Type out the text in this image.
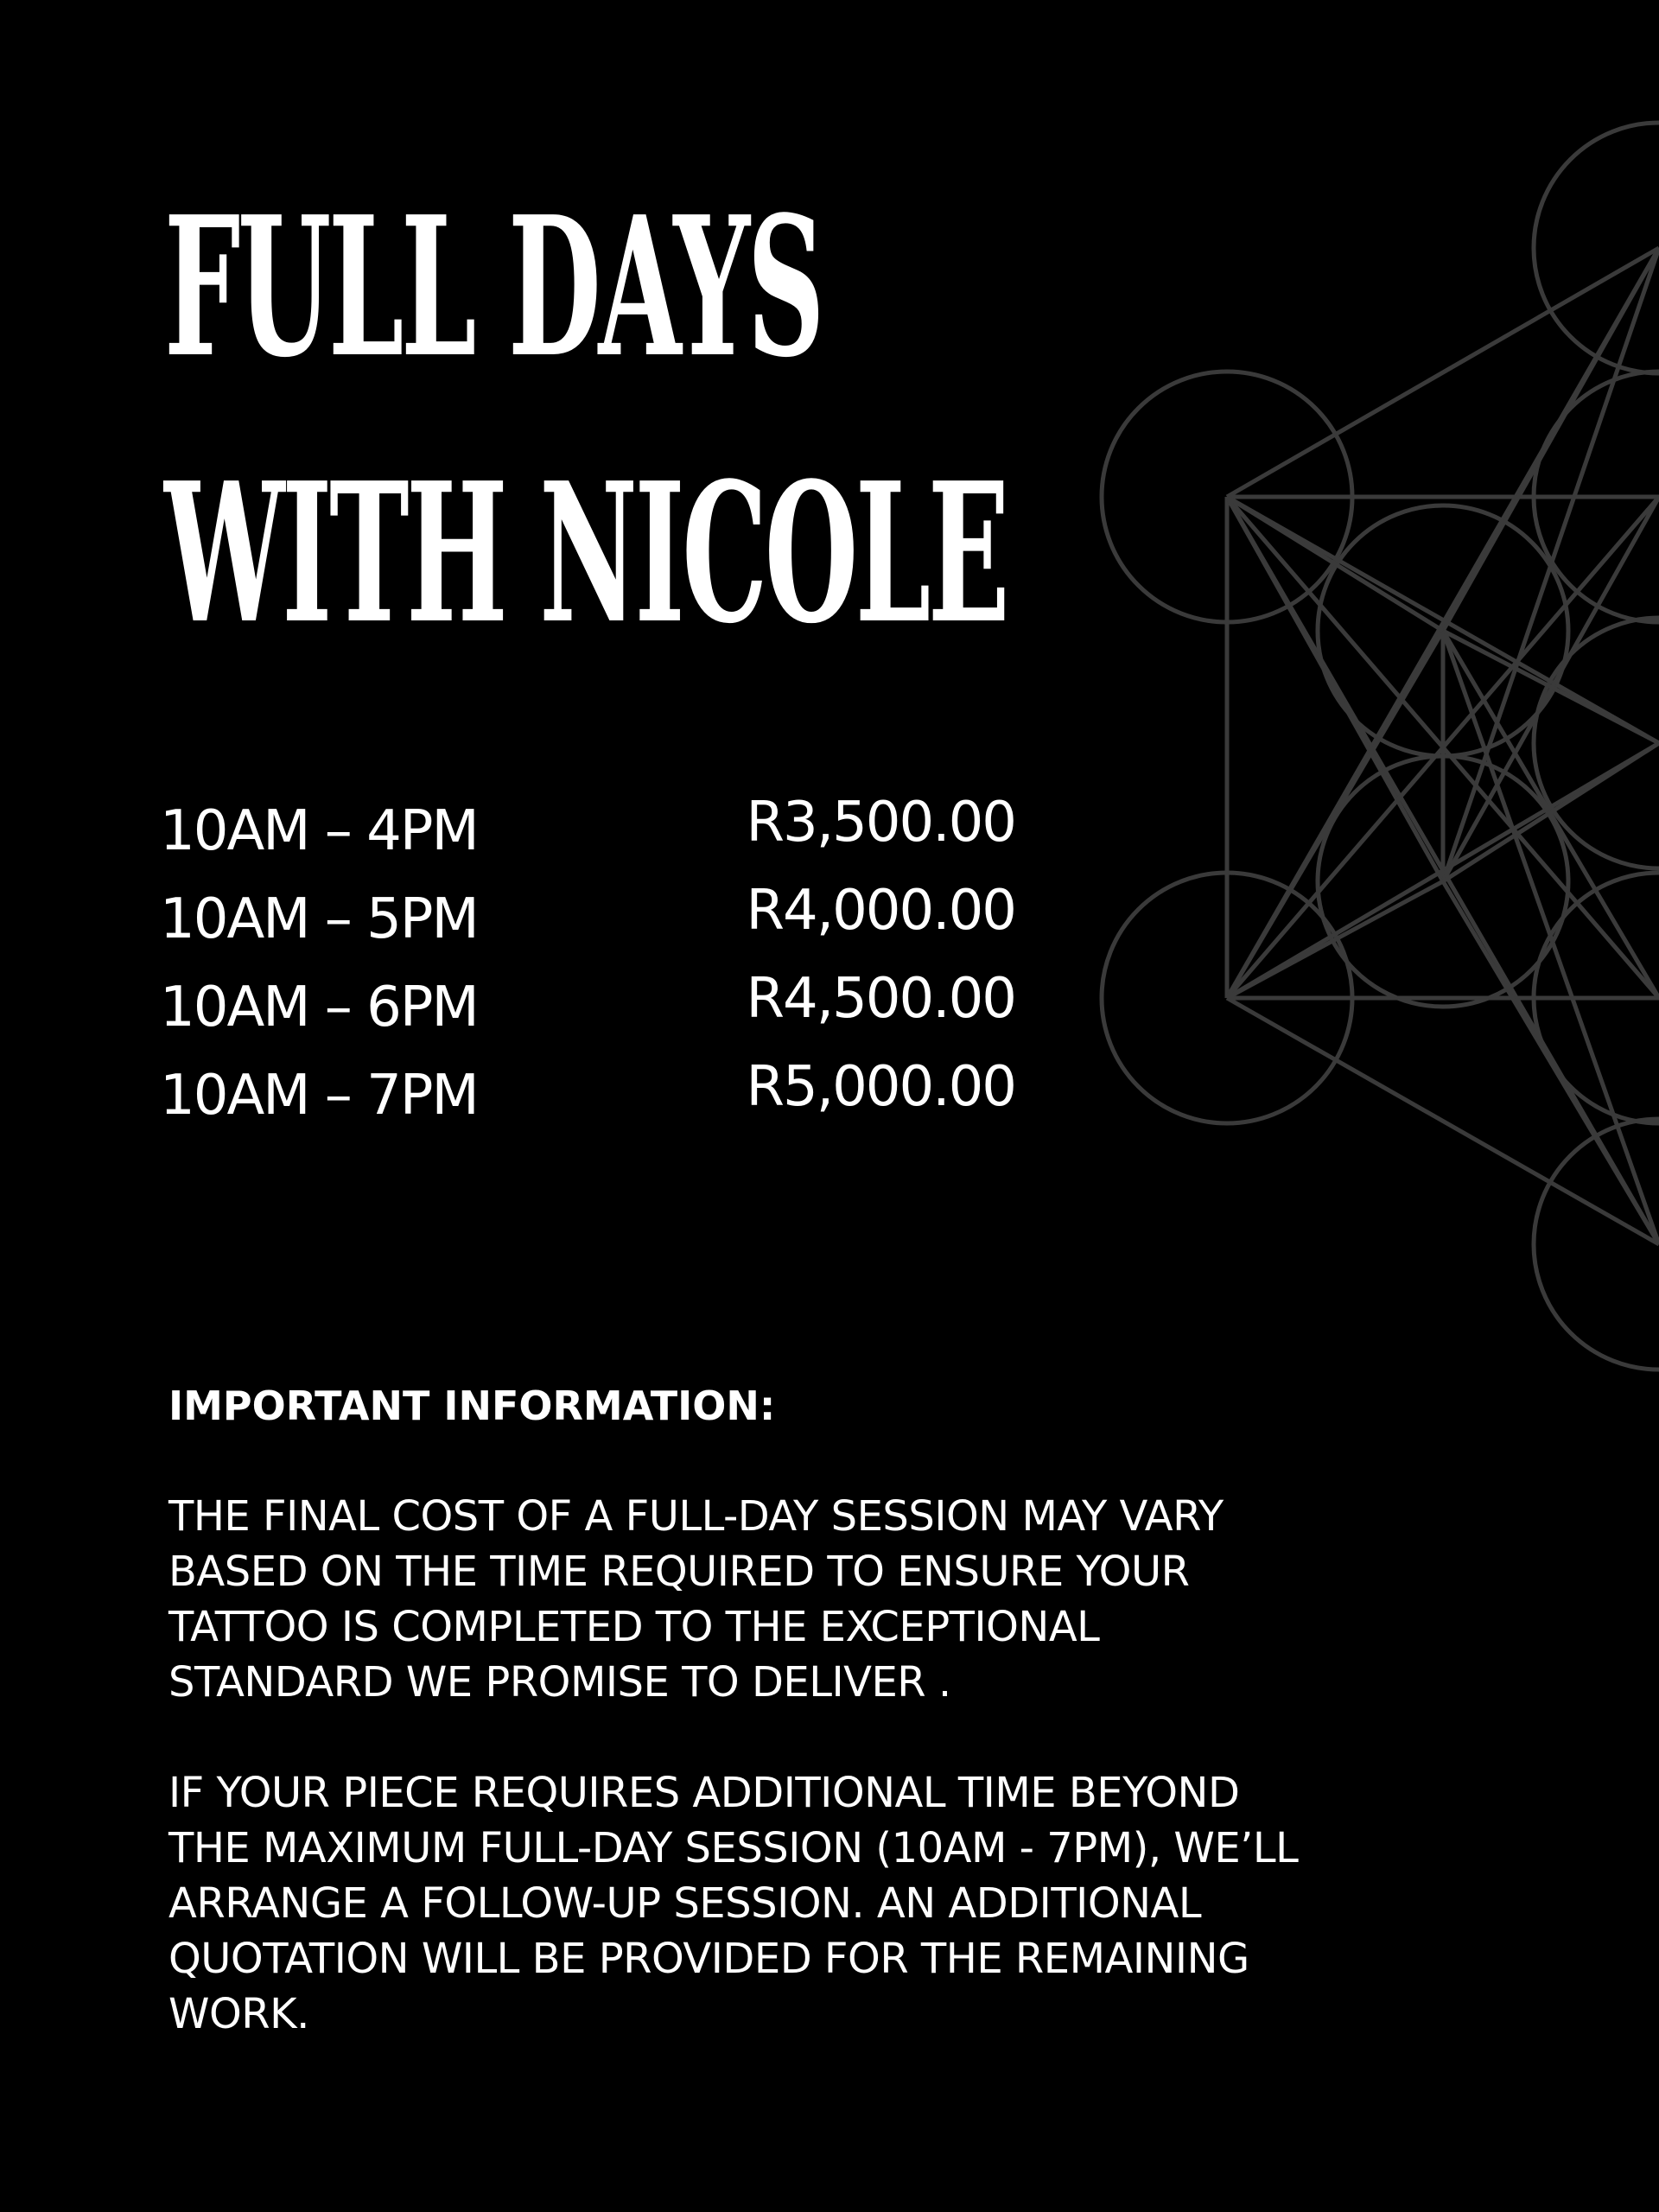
FULL DAYS
WITH NICOLE
10AM – 4PM	R3,500.00
10AM – 5PM	R4,000.00
10AM – 6PM	R4,500.00
10AM – 7PM	R5,000.00

IMPORTANT INFORMATION:

THE FINAL COST OF A FULL-DAY SESSION MAY VARY
BASED ON THE TIME REQUIRED TO ENSURE YOUR
TATTOO IS COMPLETED TO THE EXCEPTIONAL
STANDARD WE PROMISE TO DELIVER .

IF YOUR PIECE REQUIRES ADDITIONAL TIME BEYOND
THE MAXIMUM FULL-DAY SESSION (10AM - 7PM), WE’LL
ARRANGE A FOLLOW-UP SESSION. AN ADDITIONAL
QUOTATION WILL BE PROVIDED FOR THE REMAINING
WORK.
